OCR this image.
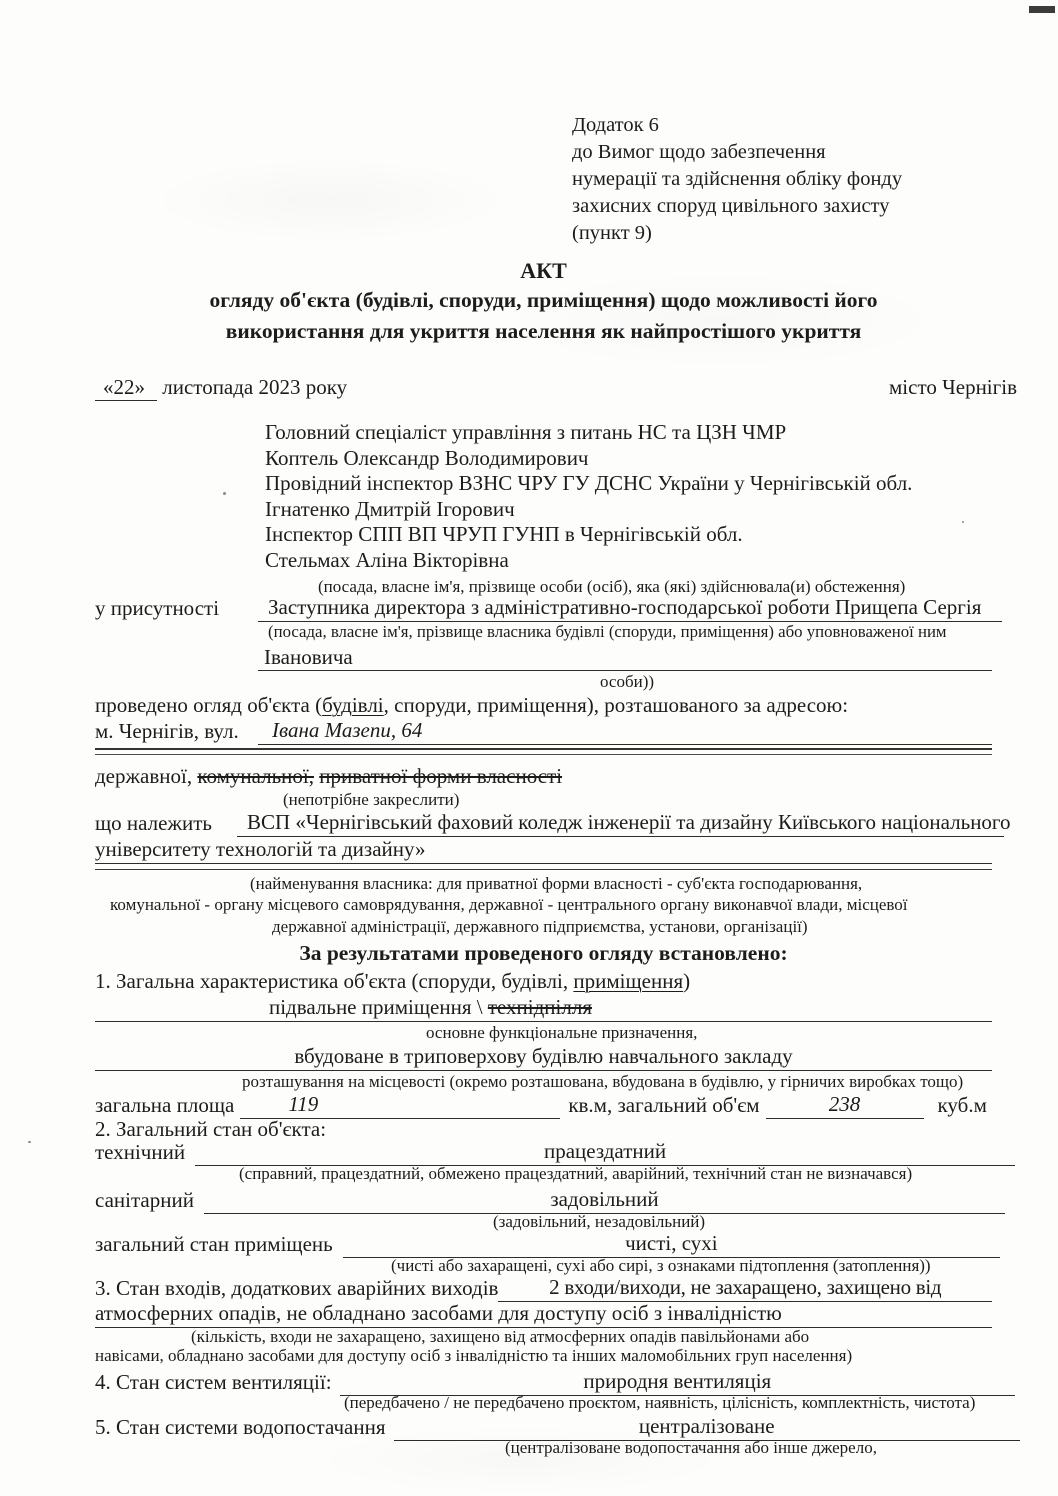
Додаток 6
до Вимог щодо забезпечення
нумерації та здійснення обліку фонду
захисних споруд цивільного захисту
(пункт 9)
АКТ
огляду об'єкта (будівлі, споруди, приміщення) щодо можливості його
використання для укриття населення як найпростішого укриття
«22» листопада 2023 року	місто Чернігів
Головний спеціаліст управління з питань НС та ЦЗН ЧМР
Коптель Олександр Володимирович
Провідний інспектор ВЗНС ЧРУ ГУ ДСНС України у Чернігівській обл.
Ігнатенко Дмитрій Ігорович
Інспектор СПП ВП ЧРУП ГУНП в Чернігівській обл.
Стельмах Аліна Вікторівна
(посада, власне ім'я, прізвище особи (осіб), яка (які) здійснювала(и) обстеження)
у присутності	Заступника директора з адміністративно-господарської роботи Прищепа Сергія
(посада, власне ім'я, прізвище власника будівлі (споруди, приміщення) або уповноваженої ним
Івановича
особи))
проведено огляд об'єкта (будівлі, споруди, приміщення), розташованого за адресою:
м. Чернігів, вул.	Івана Мазепи, 64
державної, комунальної, приватної форми власності
(непотрібне закреслити)
що належить	ВСП «Чернігівський фаховий коледж інженерії та дизайну Київського національного
університету технологій та дизайну»
(найменування власника: для приватної форми власності - суб'єкта господарювання,
комунальної - органу місцевого самоврядування, державної - центрального органу виконавчої влади, місцевої
державної адміністрації, державного підприємства, установи, організації)
За результатами проведеного огляду встановлено:
1. Загальна характеристика об'єкта (споруди, будівлі, приміщення)
підвальне приміщення \ техпідпілля
основне функціональне призначення,
вбудоване в триповерхову будівлю навчального закладу
розташування на місцевості (окремо розташована, вбудована в будівлю, у гірничих виробках тощо)
загальна площа	119	кв.м, загальний об'єм	238	куб.м
2. Загальний стан об'єкта:
технічний	працездатний
(справний, працездатний, обмежено працездатний, аварійний, технічний стан не визначався)
санітарний	задовільний
(задовільний, незадовільний)
загальний стан приміщень	чисті, сухі
(чисті або захаращені, сухі або сирі, з ознаками підтоплення (затоплення))
3. Стан входів, додаткових аварійних виходів	2 входи/виходи, не захаращено, захищено від
атмосферних опадів, не обладнано засобами для доступу осіб з інвалідністю
(кількість, входи не захаращено, захищено від атмосферних опадів павільйонами або
навісами, обладнано засобами для доступу осіб з інвалідністю та інших маломобільних груп населення)
4. Стан систем вентиляції:	природня вентиляція
(передбачено / не передбачено проєктом, наявність, цілісність, комплектність, чистота)
5. Стан системи водопостачання	централізоване
(централізоване водопостачання або інше джерело,
